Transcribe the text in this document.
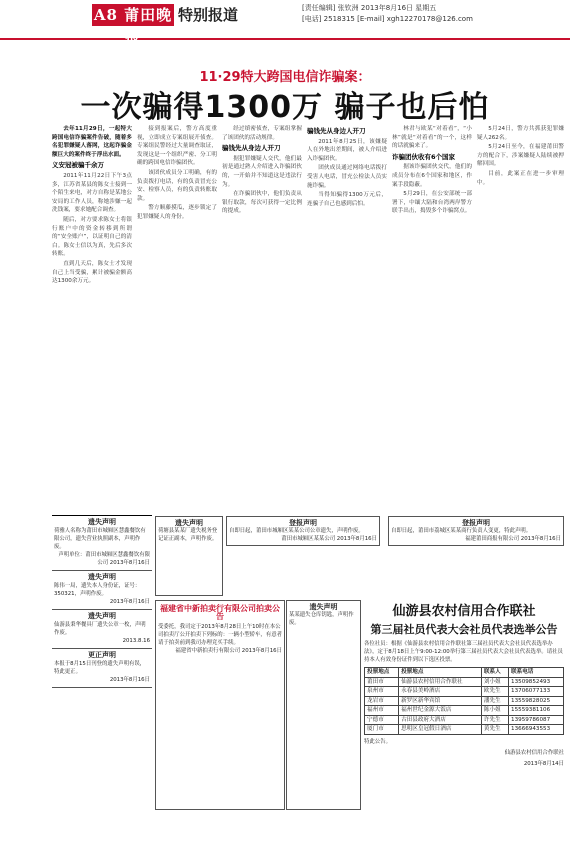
A8 莆田晚报
特别报道	[责任编辑] 张钦洲 2013年8月16日 星期五
[电话] 2518315 [E-mail] xgh12270178@126.com
11·29特大跨国电信诈骗案：
一次骗得1300万 骗子也后怕

去年11月29日，一起特大跨国电信诈骗案件告破，随着多名犯罪嫌疑人落网，这起诈骗金额巨大的案件终于浮出水面。

义安冠被骗千余万

2011年11月22日下午3点多，江苏省某县的陈女士接到一个陌生来电，对方自称是某地公安局的工作人员，称她涉嫌一起洗钱案，要求她配合调查。

随后，对方要求陈女士将银行账户中的资金转移到所谓的“安全账户”，以证明自己的清白。陈女士信以为真，先后多次转账。

直到几天后，陈女士才发现自己上当受骗，累计被骗金额高达1300余万元。

接到报案后，警方高度重视，立即成立专案组展开侦查。专案组民警经过大量调查取证，发现这是一个组织严密、分工明确的跨国电信诈骗团伙。

该团伙成员分工明确，有的负责拨打电话，有的负责冒充公安、检察人员，有的负责转账取款。

警方顺藤摸瓜，逐步锁定了犯罪嫌疑人的身份。

经过缜密侦查，专案组掌握了该团伙的活动规律。

骗钱先从身边人开刀

据犯罪嫌疑人交代，他们最初是通过熟人介绍进入诈骗团伙的，一开始并不知道这是违法行为。

在诈骗团伙中，他们负责从银行取款，每次可获得一定比例的提成。

骗钱先从身边人开刀

2011年8月25日，该嫌疑人在外地出差期间，被人介绍进入诈骗团伙。

团伙成员通过网络电话拨打受害人电话，冒充公检法人员实施诈骗。

当得知骗得1300万元后，连骗子自己也感到后怕。

林君与欧某“对着看”，“小林”就是“对着看”的一个，这样的话就骗来了。

诈骗团伙收有6个国家

据该诈骗团伙交代，他们的成员分布在6个国家和地区，作案手段隐蔽。

5月29日，在公安部统一部署下，中缅大陆和台湾两岸警方联手出击，捣毁多个诈骗窝点。

5月24日，警方共抓获犯罪嫌疑人262名。

5月24日至今，在福建莆田警方的配合下，涉案嫌疑人陆续被押解回国。

目前，此案正在进一步审理中。

遗失声明
荷雅人名称为莆田市城厢区慧鑫餐饮有限公司，遗失营业执照副本，声明作废。
声明单位：莆田市城厢区慧鑫餐饮有限公司 2013年8月16日
遗失声明
陈伟一局，遗失本人身份证，证号：350321，声明作废。
2013年8月16日
遗失声明
仙游县秉华餐具厂遗失公章一枚，声明作废。
2013.8.16
更正声明
本报于8月15日刊登的遗失声明有误，特此更正。
2013年8月16日
遗失声明
荷塘县某某厂遗失税务登记证正副本，声明作废。
登报声明
自即日起，莆田市城厢区某某公司公章遗失，声明作废。
莆田市城厢区某某公司 2013年8月16日
登报声明
自即日起，莆田市荔城区某某商行负责人变更，特此声明。
福建莆田商报有限公司 2013年8月16日
福建省中新拍卖行有限公司拍卖公告
受委托，我司定于2013年8月28日上午10时在本公司拍卖厅公开拍卖下列标的：一辆小型轿车，有意者请于拍卖前到我司办理竞买手续。
福建省中新拍卖行有限公司 2013年8月16日
遗失声明
某某遗失仓库钥匙，声明作废。
仙游县农村信用合作联社
第三届社员代表大会社员代表选举公告
各位社员：根据《仙游县农村信用合作联社第三届社员代表大会社员代表选举办法》，定于8月18日上午9:00-12:00举行第三届社员代表大会社员代表选举。请社员持本人有效身份证件到以下选区投票。
投票地点	投票地点	联系人	联系电话
莆田市	仙游县农村信用合作联社	刘小姐	13509852493
泉州市	永春县美岭酒店	欧先生	13706077133
龙岩市	新罗区新华宾馆	潘先生	13559828025
福州市	福州世纪金源大饭店	陈小姐	15559381106
宁德市	古田县政府大酒店	许先生	13959786087
厦门市	思明区皇冠假日酒店	黄先生	13666943553
特此公告。
仙游县农村信用合作联社
2013年8月14日
